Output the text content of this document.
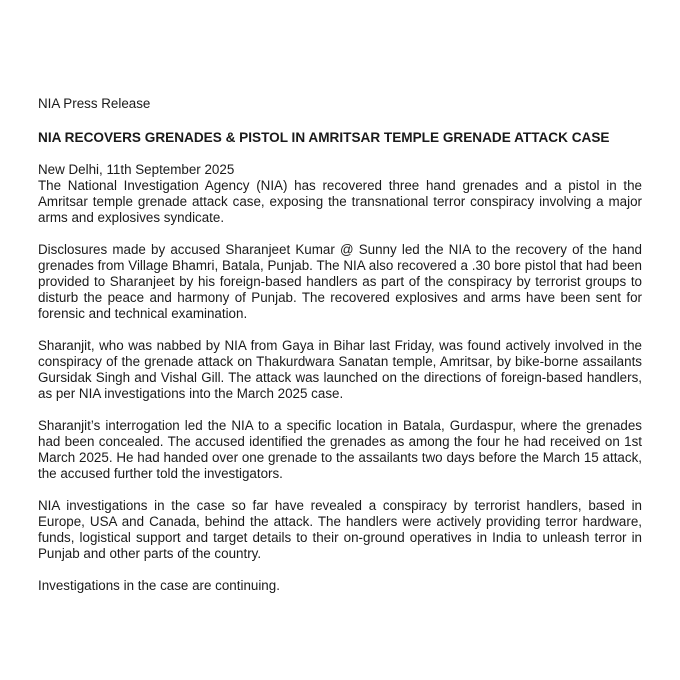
NIA Press Release

NIA RECOVERS GRENADES & PISTOL IN AMRITSAR TEMPLE GRENADE ATTACK CASE

New Delhi, 11th September 2025

The National Investigation Agency (NIA) has recovered three hand grenades and a pistol in the Amritsar temple grenade attack case, exposing the transnational terror conspiracy involving a major arms and explosives syndicate.

Disclosures made by accused Sharanjeet Kumar @ Sunny led the NIA to the recovery of the hand grenades from Village Bhamri, Batala, Punjab. The NIA also recovered a .30 bore pistol that had been provided to Sharanjeet by his foreign-based handlers as part of the conspiracy by terrorist groups to disturb the peace and harmony of Punjab. The recovered explosives and arms have been sent for forensic and technical examination.

Sharanjit, who was nabbed by NIA from Gaya in Bihar last Friday, was found actively involved in the conspiracy of the grenade attack on Thakurdwara Sanatan temple, Amritsar, by bike-borne assailants Gursidak Singh and Vishal Gill. The attack was launched on the directions of foreign-based handlers, as per NIA investigations into the March 2025 case.

Sharanjit’s interrogation led the NIA to a specific location in Batala, Gurdaspur, where the grenades had been concealed. The accused identified the grenades as among the four he had received on 1st March 2025. He had handed over one grenade to the assailants two days before the March 15 attack, the accused further told the investigators.

NIA investigations in the case so far have revealed a conspiracy by terrorist handlers, based in Europe, USA and Canada, behind the attack. The handlers were actively providing terror hardware, funds, logistical support and target details to their on-ground operatives in India to unleash terror in Punjab and other parts of the country.

Investigations in the case are continuing.
